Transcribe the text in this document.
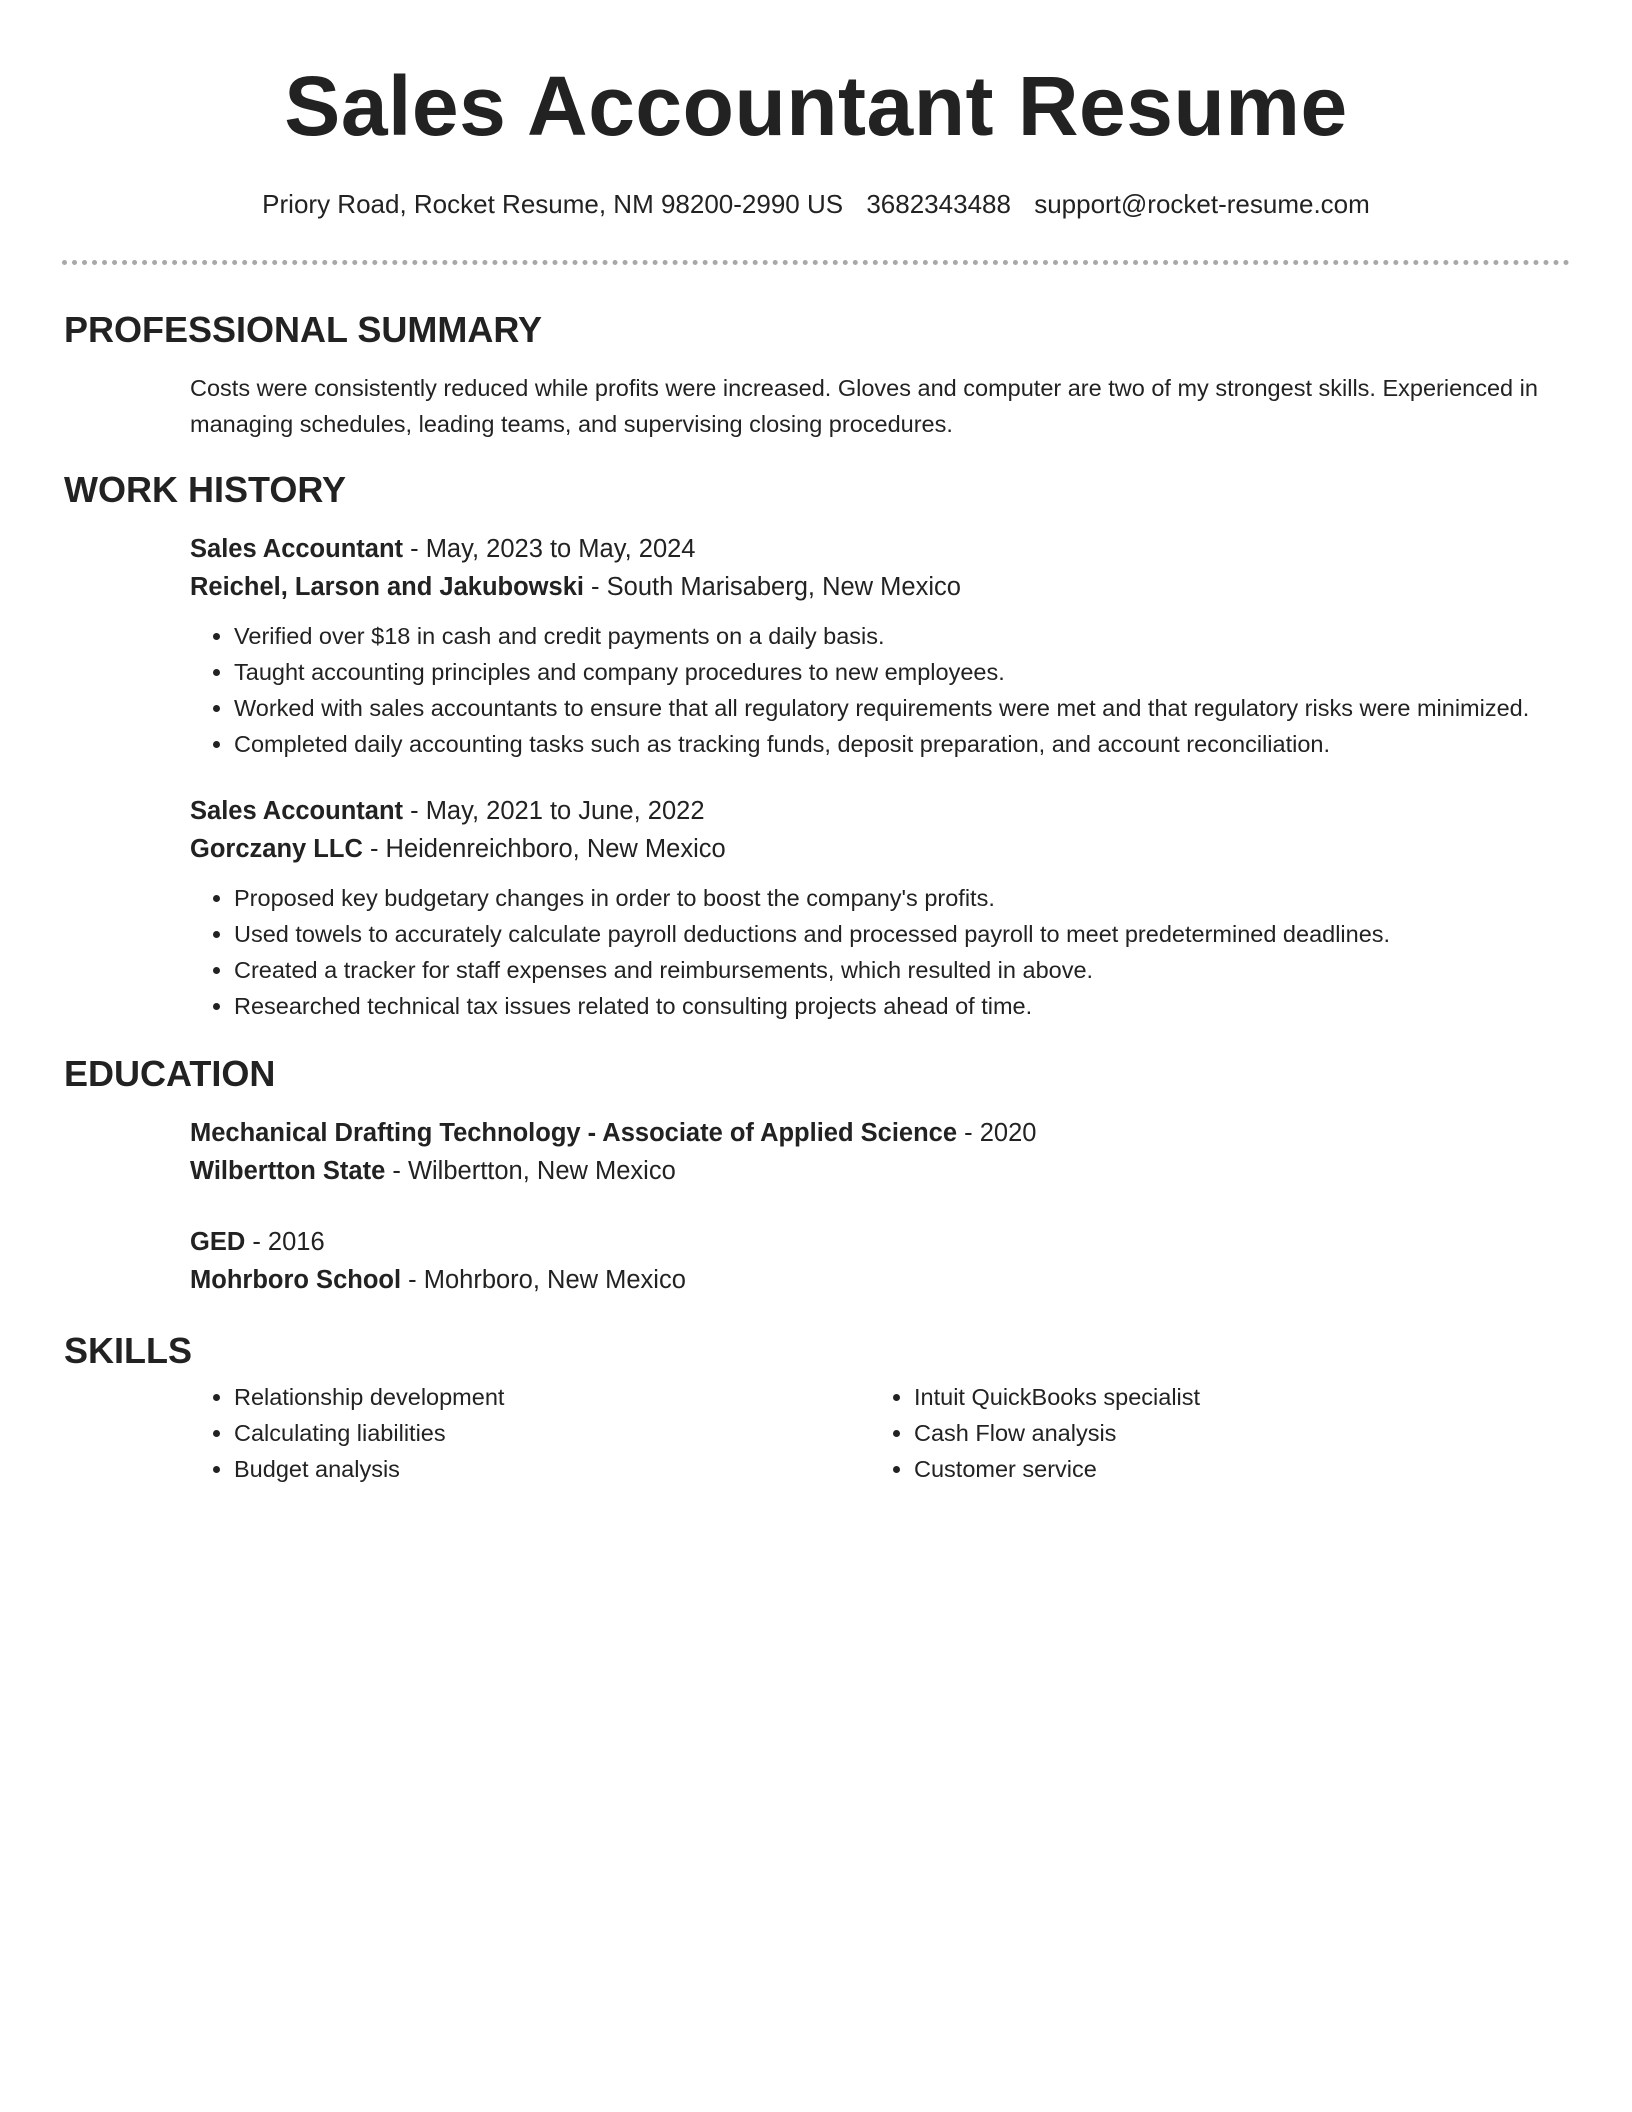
Sales Accountant Resume
Priory Road, Rocket Resume, NM 98200-2990 US 3682343488 support@rocket-resume.com
PROFESSIONAL SUMMARY
Costs were consistently reduced while profits were increased. Gloves and computer are two of my strongest skills. Experienced in managing schedules, leading teams, and supervising closing procedures.
WORK HISTORY
Sales Accountant - May, 2023 to May, 2024
Reichel, Larson and Jakubowski - South Marisaberg, New Mexico
• Verified over $18 in cash and credit payments on a daily basis.
• Taught accounting principles and company procedures to new employees.
• Worked with sales accountants to ensure that all regulatory requirements were met and that regulatory risks were minimized.
• Completed daily accounting tasks such as tracking funds, deposit preparation, and account reconciliation.
Sales Accountant - May, 2021 to June, 2022
Gorczany LLC - Heidenreichboro, New Mexico
• Proposed key budgetary changes in order to boost the company's profits.
• Used towels to accurately calculate payroll deductions and processed payroll to meet predetermined deadlines.
• Created a tracker for staff expenses and reimbursements, which resulted in above.
• Researched technical tax issues related to consulting projects ahead of time.
EDUCATION
Mechanical Drafting Technology - Associate of Applied Science - 2020
Wilbertton State - Wilbertton, New Mexico
GED - 2016
Mohrboro School - Mohrboro, New Mexico
SKILLS
• Relationship development
• Calculating liabilities
• Budget analysis
• Intuit QuickBooks specialist
• Cash Flow analysis
• Customer service
